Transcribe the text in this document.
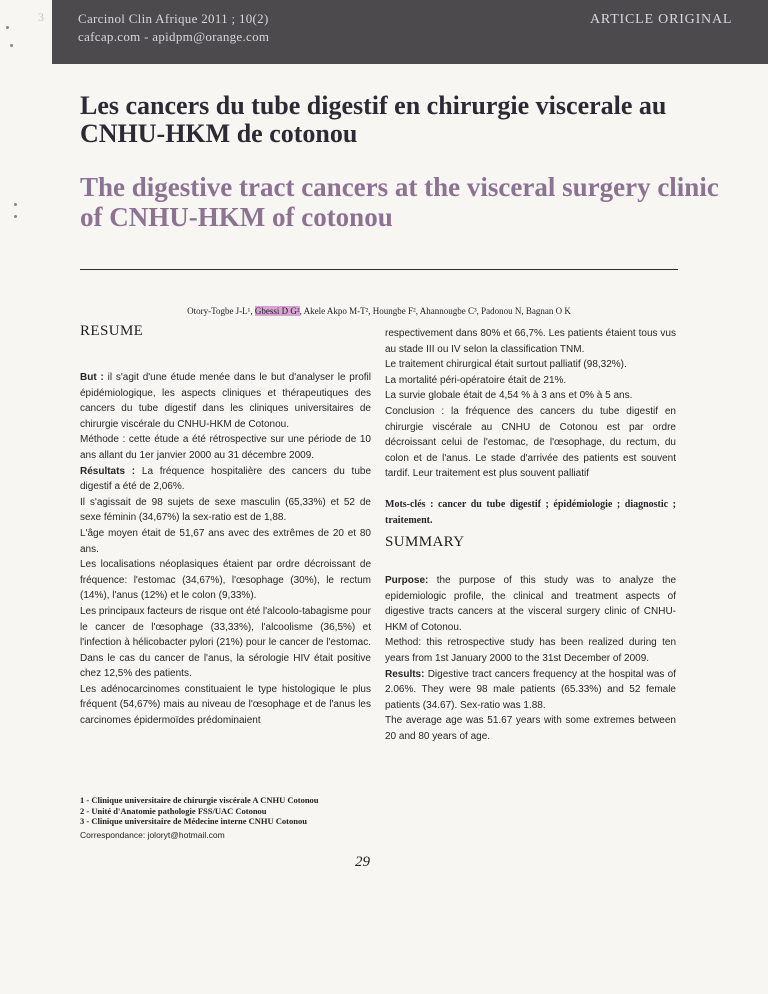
3	Carcinol Clin Afrique 2011 ; 10(2)
cafcap.com - apidpm@orange.com
ARTICLE ORIGINAL
Les cancers du tube digestif en chirurgie viscerale au CNHU-HKM de cotonou
The digestive tract cancers at the visceral surgery clinic of CNHU-HKM of cotonou
Otory-Togbe J-L¹, Gbessi D G², Akele Akpo M-T², Houngbe F², Ahannougbe C³, Padonou N, Bagnan O K
RESUME

But : il s'agit d'une étude menée dans le but d'analyser le profil épidémiologique, les aspects cliniques et thérapeutiques des cancers du tube digestif dans les cliniques universitaires de chirurgie viscérale du CNHU-HKM de Cotonou.

Méthode : cette étude a été rétrospective sur une période de 10 ans allant du 1er janvier 2000 au 31 décembre 2009.

Résultats : La fréquence hospitalière des cancers du tube digestif a été de 2,06%.

Il s'agissait de 98 sujets de sexe masculin (65,33%) et 52 de sexe féminin (34,67%) la sex-ratio est de 1,88.

L'âge moyen était de 51,67 ans avec des extrêmes de 20 et 80 ans.

Les localisations néoplasiques étaient par ordre décroissant de fréquence: l'estomac (34,67%), l'œsophage (30%), le rectum (14%), l'anus (12%) et le colon (9,33%).

Les principaux facteurs de risque ont été l'alcoolo-tabagisme pour le cancer de l'œsophage (33,33%), l'alcoolisme (36,5%) et l'infection à hélicobacter pylori (21%) pour le cancer de l'estomac. Dans le cas du cancer de l'anus, la sérologie HIV était positive chez 12,5% des patients.

Les adénocarcinomes constituaient le type histologique le plus fréquent (54,67%) mais au niveau de l'œsophage et de l'anus les carcinomes épidermoïdes prédominaient

respectivement dans 80% et 66,7%. Les patients étaient tous vus au stade III ou IV selon la classification TNM.

Le traitement chirurgical était surtout palliatif (98,32%).

La mortalité péri-opératoire était de 21%.

La survie globale était de 4,54 % à 3 ans et 0% à 5 ans.

Conclusion : la fréquence des cancers du tube digestif en chirurgie viscérale au CNHU de Cotonou est par ordre décroissant celui de l'estomac, de l'œsophage, du rectum, du colon et de l'anus. Le stade d'arrivée des patients est souvent tardif. Leur traitement est plus souvent palliatif

Mots-clés : cancer du tube digestif ; épidémiologie ; diagnostic ; traitement.

SUMMARY

Purpose: the purpose of this study was to analyze the epidemiologic profile, the clinical and treatment aspects of digestive tracts cancers at the visceral surgery clinic of CNHU-HKM of Cotonou.

Method: this retrospective study has been realized during ten years from 1st January 2000 to the 31st December of 2009.

Results: Digestive tract cancers frequency at the hospital was of 2.06%. They were 98 male patients (65.33%) and 52 female patients (34.67). Sex-ratio was 1.88.

The average age was 51.67 years with some extremes between 20 and 80 years of age.

1 - Clinique universitaire de chirurgie viscérale A CNHU Cotonou
2 - Unité d'Anatomie pathologie FSS/UAC Cotonou
3 - Clinique universitaire de Médecine interne CNHU Cotonou
Correspondance: joloryt@hotmail.com
29
